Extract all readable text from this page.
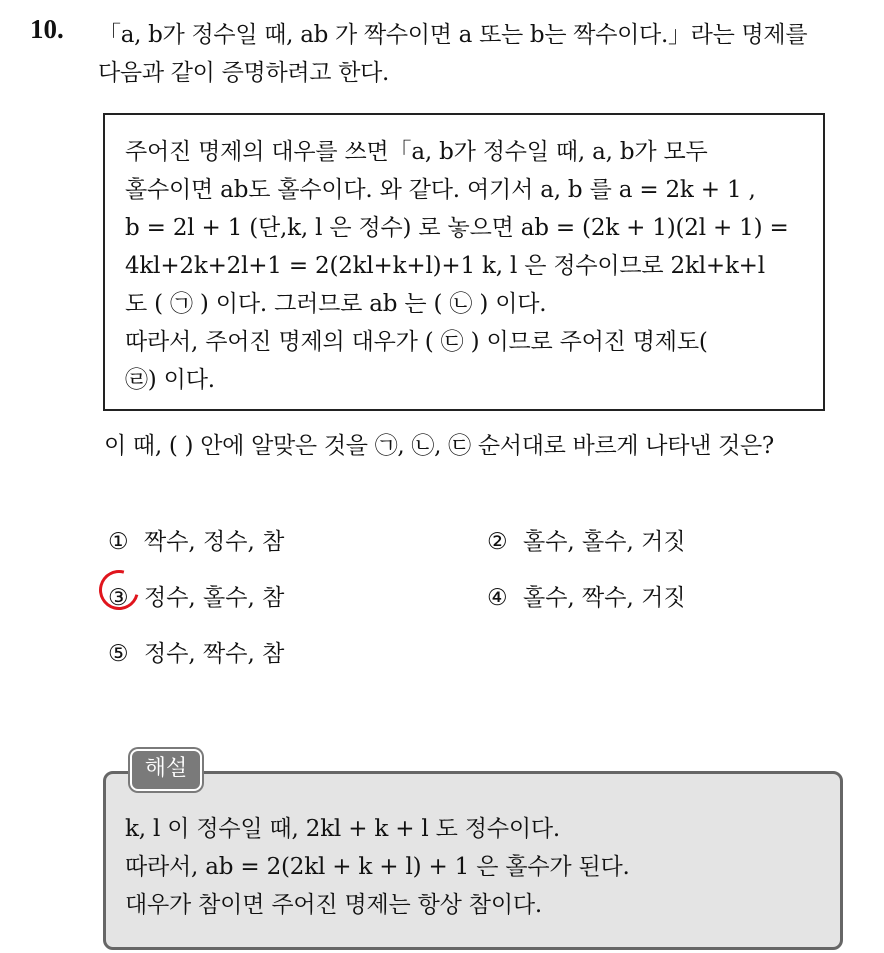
10. 「a, b가 정수일 때, ab 가 짝수이면 a 또는 b는 짝수이다.」라는 명제를
다음과 같이 증명하려고 한다.
주어진 명제의 대우를 쓰면「a, b가 정수일 때, a, b가 모두
홀수이면 ab도 홀수이다. 와 같다. 여기서 a, b 를 a = 2k + 1 ,
b = 2l + 1 (단,k, l 은 정수) 로 놓으면 ab = (2k + 1)(2l + 1) =
4kl+2k+2l+1 = 2(2kl+k+l)+1 k, l 은 정수이므로 2kl+k+l
도 ( ㉠ ) 이다. 그러므로 ab 는 ( ㉡ ) 이다.
따라서, 주어진 명제의 대우가 ( ㉢ ) 이므로 주어진 명제도(
㉣) 이다.
이 때, ( ) 안에 알맞은 것을 ㉠, ㉡, ㉢ 순서대로 바르게 나타낸 것은?
① 짝수, 정수, 참	② 홀수, 홀수, 거짓
③ 정수, 홀수, 참	④ 홀수, 짝수, 거짓
⑤ 정수, 짝수, 참
해설
k, l 이 정수일 때, 2kl + k + l 도 정수이다.
따라서, ab = 2(2kl + k + l) + 1 은 홀수가 된다.
대우가 참이면 주어진 명제는 항상 참이다.
